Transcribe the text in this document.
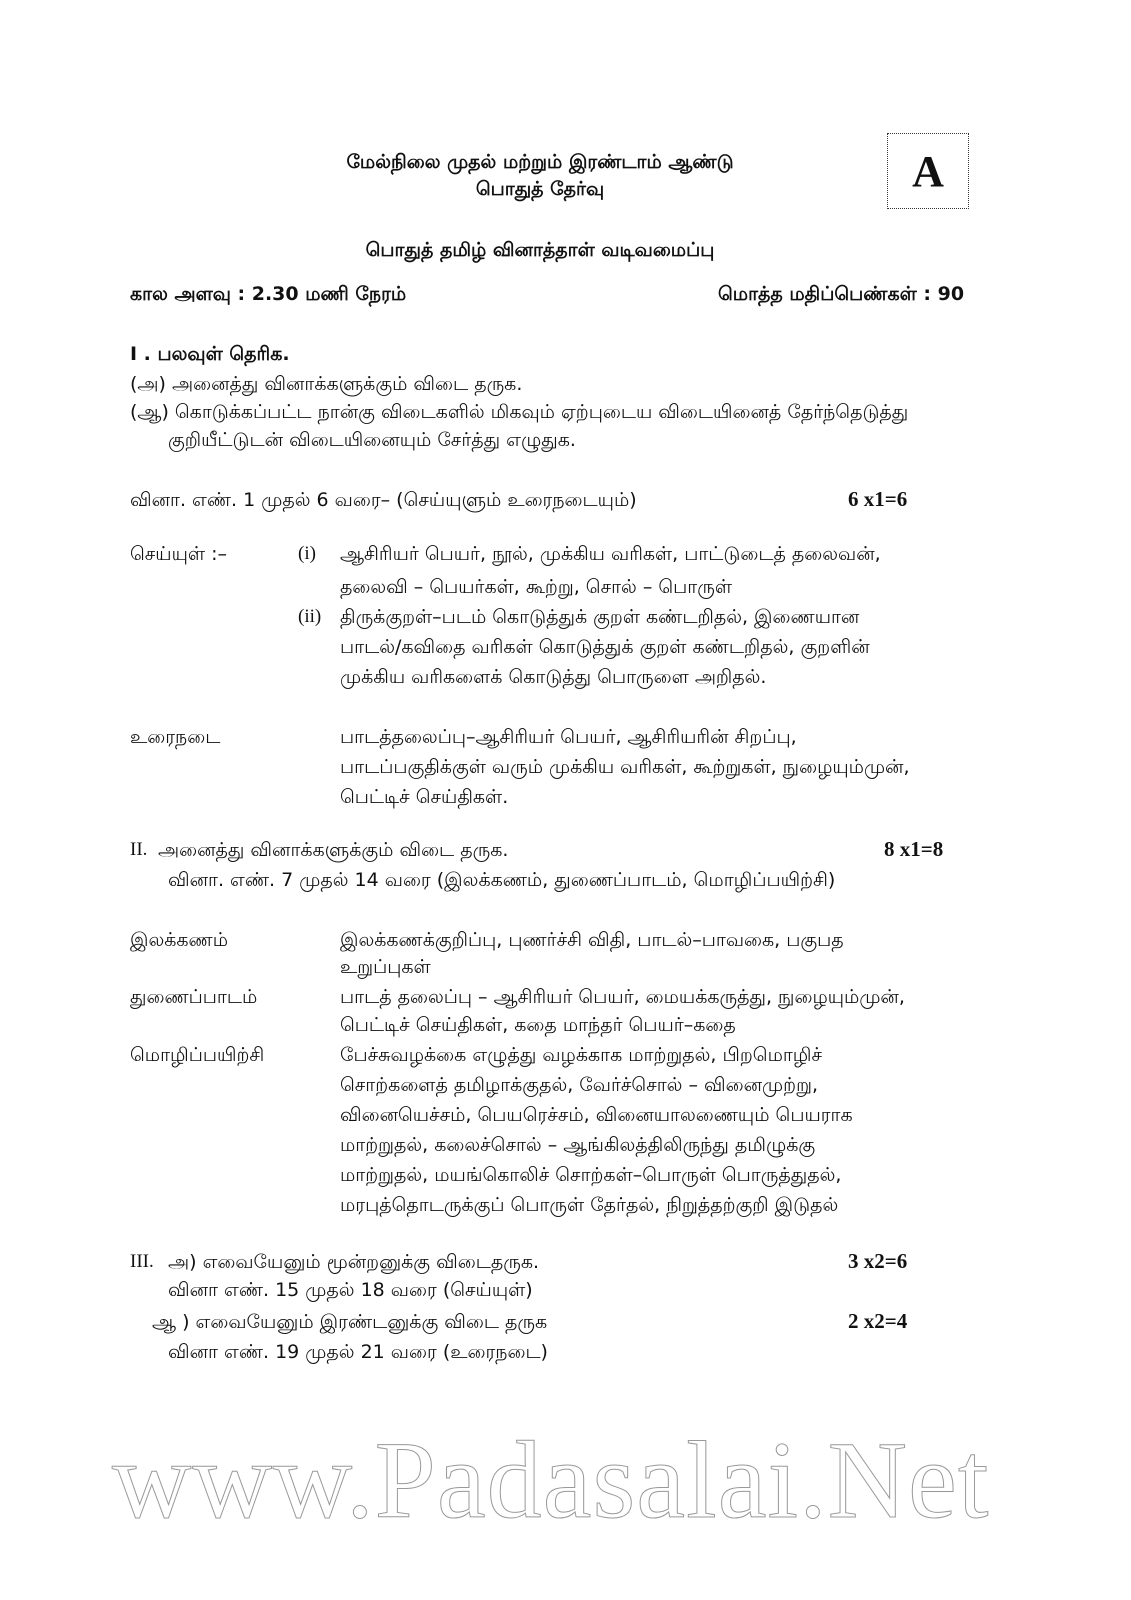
www.Padasalai.Net
மேல்நிலை முதல் மற்றும் இரண்டாம் ஆண்டு
பொதுத் தேர்வு	A
பொதுத் தமிழ் வினாத்தாள் வடிவமைப்பு
கால அளவு : 2.30 மணி நேரம்	மொத்த மதிப்பெண்கள் : 90
I . பலவுள் தெரிக.
(அ) அனைத்து வினாக்களுக்கும் விடை தருக.
(ஆ) கொடுக்கப்பட்ட நான்கு விடைகளில் மிகவும் ஏற்புடைய விடையினைத் தேர்ந்தெடுத்து
குறியீட்டுடன் விடையினையும் சேர்த்து எழுதுக.
வினா. எண். 1 முதல் 6 வரை– (செய்யுளும் உரைநடையும்)	6 x1=6
செய்யுள் :–	(i) ஆசிரியர் பெயர், நூல், முக்கிய வரிகள், பாட்டுடைத் தலைவன்,
தலைவி – பெயர்கள், கூற்று, சொல் – பொருள்
(ii) திருக்குறள்–படம் கொடுத்துக் குறள் கண்டறிதல், இணையான
பாடல்/கவிதை வரிகள் கொடுத்துக் குறள் கண்டறிதல், குறளின்
முக்கிய வரிகளைக் கொடுத்து பொருளை அறிதல்.
உரைநடை	பாடத்தலைப்பு–ஆசிரியர் பெயர், ஆசிரியரின் சிறப்பு,
பாடப்பகுதிக்குள் வரும் முக்கிய வரிகள், கூற்றுகள், நுழையும்முன்,
பெட்டிச் செய்திகள்.
II. அனைத்து வினாக்களுக்கும் விடை தருக.	8 x1=8
வினா. எண். 7 முதல் 14 வரை (இலக்கணம், துணைப்பாடம், மொழிப்பயிற்சி)
இலக்கணம்	இலக்கணக்குறிப்பு, புணர்ச்சி விதி, பாடல்–பாவகை, பகுபத
உறுப்புகள்
துணைப்பாடம்	பாடத் தலைப்பு – ஆசிரியர் பெயர், மையக்கருத்து, நுழையும்முன்,
பெட்டிச் செய்திகள், கதை மாந்தர் பெயர்–கதை
மொழிப்பயிற்சி	பேச்சுவழக்கை எழுத்து வழக்காக மாற்றுதல், பிறமொழிச்
சொற்களைத் தமிழாக்குதல், வேர்ச்சொல் – வினைமுற்று,
வினையெச்சம், பெயரெச்சம், வினையாலணையும் பெயராக
மாற்றுதல், கலைச்சொல் – ஆங்கிலத்திலிருந்து தமிழுக்கு
மாற்றுதல், மயங்கொலிச் சொற்கள்–பொருள் பொருத்துதல்,
மரபுத்தொடருக்குப் பொருள் தேர்தல், நிறுத்தற்குறி இடுதல்
III. அ) எவையேனும் மூன்றனுக்கு விடைதருக.	3 x2=6
வினா எண். 15 முதல் 18 வரை (செய்யுள்)
ஆ ) எவையேனும் இரண்டனுக்கு விடை தருக	2 x2=4
வினா எண். 19 முதல் 21 வரை (உரைநடை)
